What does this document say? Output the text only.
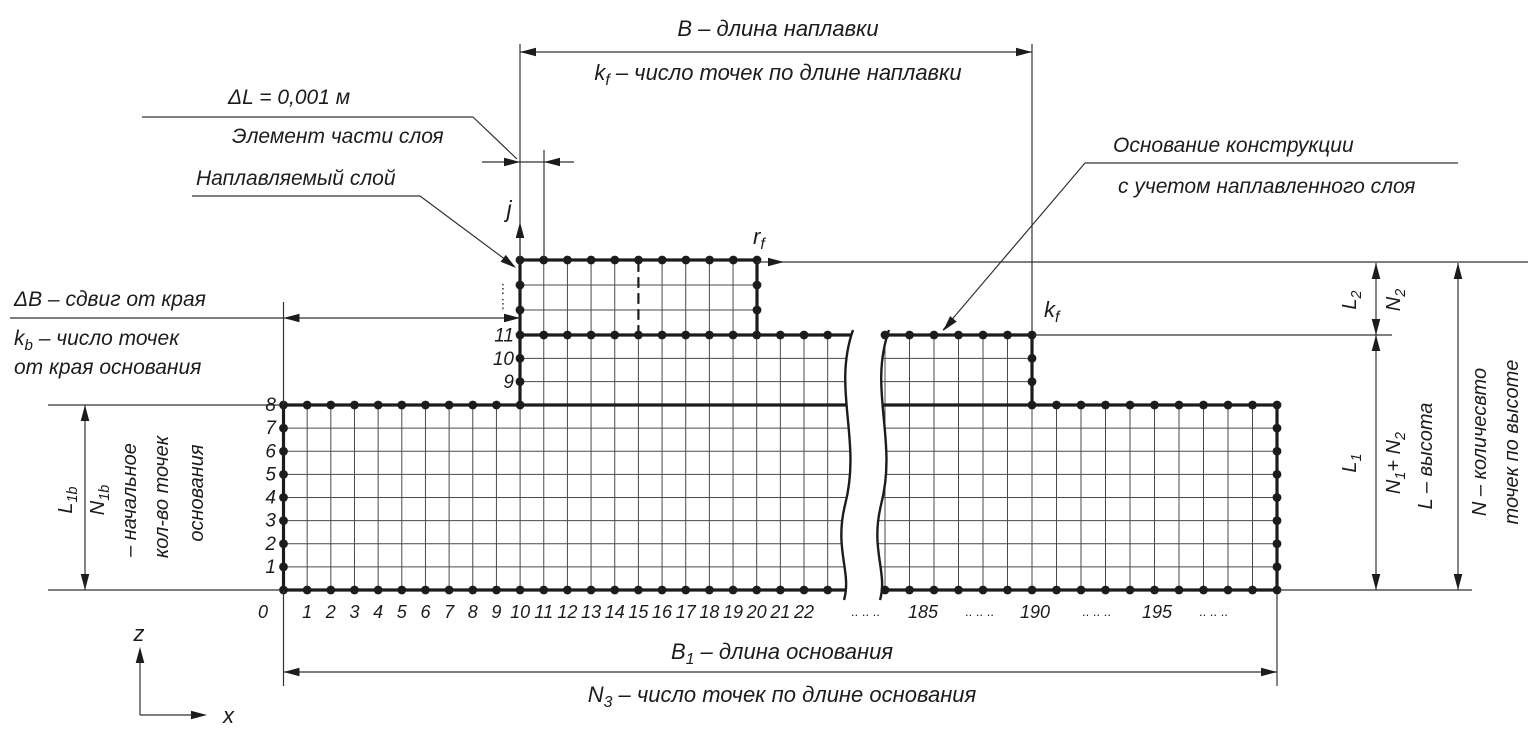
В – длина наплавки
$k_f$ – число точек по длине наплавки
ΔL = 0,001 м
Элемент части слоя
Наплавляемый слой
Основание конструкции
с учетом наплавленного слоя
ΔВ – сдвиг от края
$k_b$ – число точек
от края основания
$L_{1b}$
$N_{1b}$ – начальное кол-во точек основания
j
$r_f$
$k_f$
⋮
⋮
$В_1$ – длина основания
$N_3$ – число точек по длине основания
$L_2$
$N_2$
$L_1$
$N_1+ N_2$ L – высота N – количесвто точек по высоте
z
x
1
2
3
4
5
6
7
8
9
10
11
0 1 2 3 4 5 6 7 8 9 10 11 12 13 14 15 16 17 18 19 20 21 22	185	190	195
.. .. ..	.. .. ..	.. .. ..	.. .. ..
